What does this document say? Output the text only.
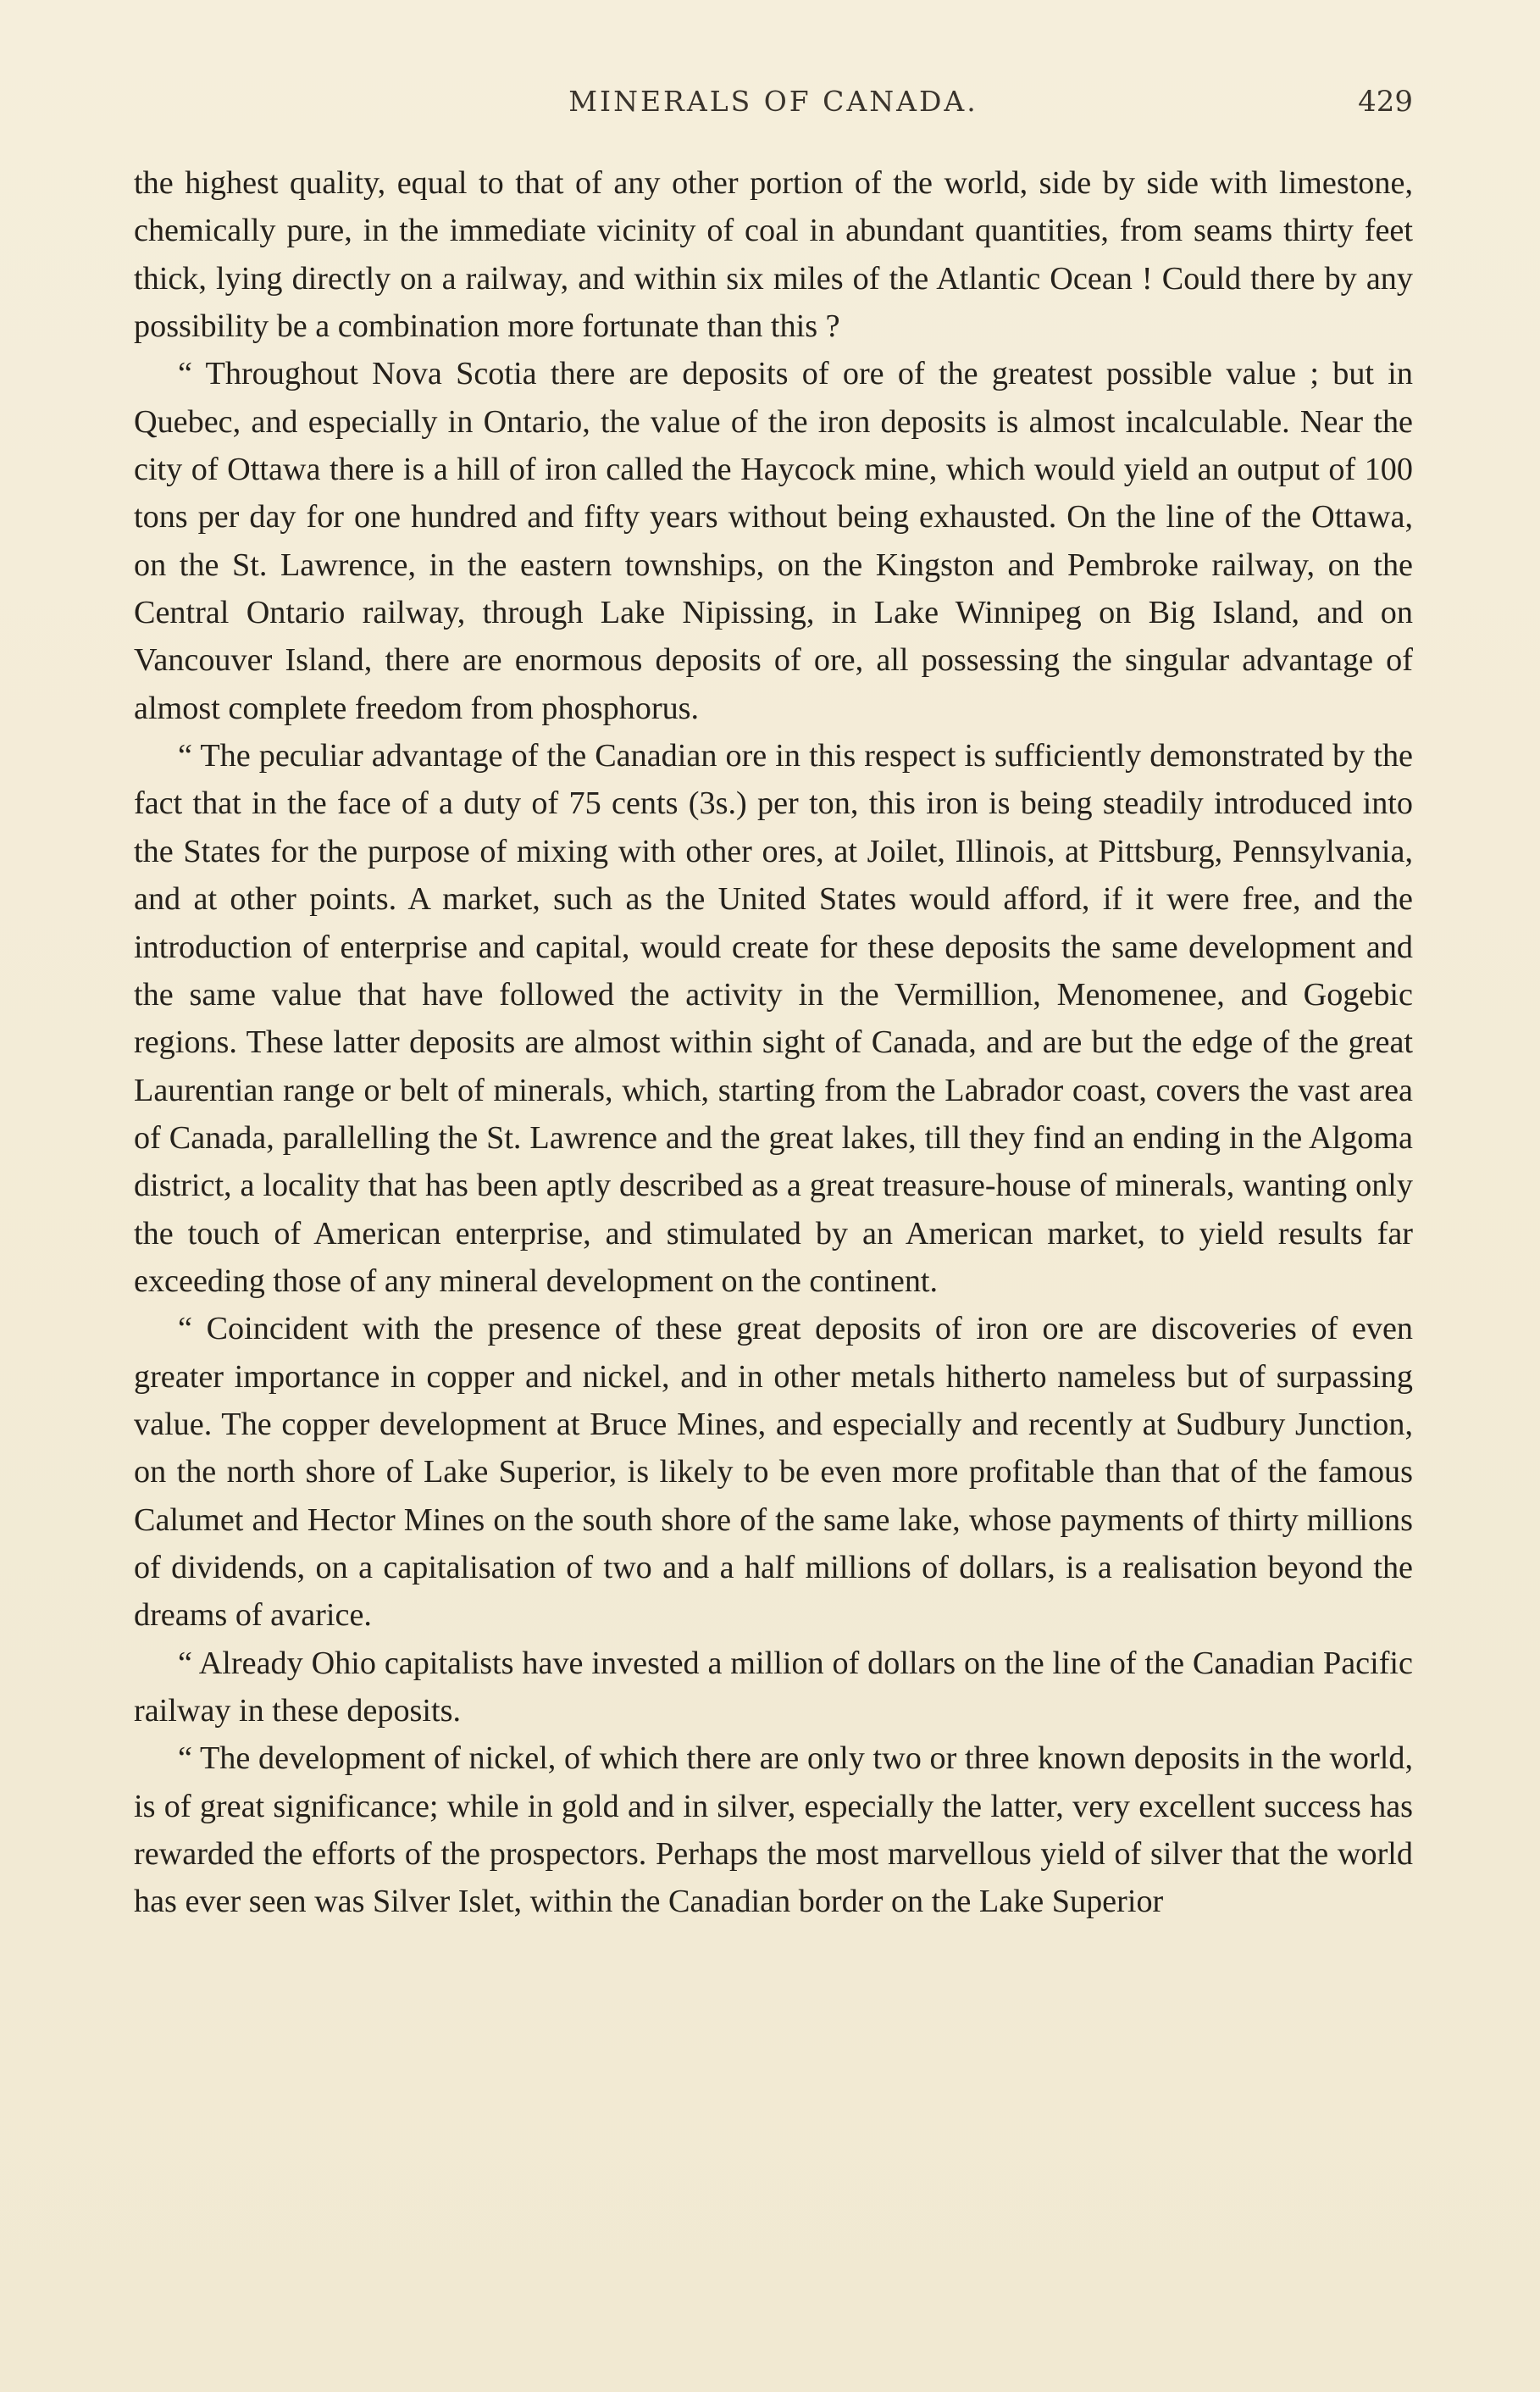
MINERALS OF CANADA.	429

the highest quality, equal to that of any other portion of the world, side by side with limestone, chemically pure, in the immediate vicinity of coal in abundant quantities, from seams thirty feet thick, lying directly on a railway, and within six miles of the Atlantic Ocean ! Could there by any possibility be a combination more fortunate than this ?

“ Throughout Nova Scotia there are deposits of ore of the greatest possible value ; but in Quebec, and especially in Ontario, the value of the iron deposits is almost incalculable. Near the city of Ottawa there is a hill of iron called the Haycock mine, which would yield an output of 100 tons per day for one hundred and fifty years without being exhausted. On the line of the Ottawa, on the St. Lawrence, in the eastern townships, on the Kingston and Pembroke railway, on the Central Ontario railway, through Lake Nipissing, in Lake Winnipeg on Big Island, and on Vancouver Island, there are enormous deposits of ore, all possessing the singular advantage of almost complete freedom from phosphorus.

“ The peculiar advantage of the Canadian ore in this respect is sufficiently demonstrated by the fact that in the face of a duty of 75 cents (3s.) per ton, this iron is being steadily introduced into the States for the purpose of mixing with other ores, at Joilet, Illinois, at Pittsburg, Pennsylvania, and at other points. A market, such as the United States would afford, if it were free, and the introduction of enterprise and capital, would create for these deposits the same development and the same value that have followed the activity in the Vermillion, Menomenee, and Gogebic regions. These latter deposits are almost within sight of Canada, and are but the edge of the great Laurentian range or belt of minerals, which, starting from the Labrador coast, covers the vast area of Canada, parallelling the St. Lawrence and the great lakes, till they find an ending in the Algoma district, a locality that has been aptly described as a great treasure-house of minerals, wanting only the touch of American enterprise, and stimulated by an American market, to yield results far exceeding those of any mineral development on the continent.

“ Coincident with the presence of these great deposits of iron ore are discoveries of even greater importance in copper and nickel, and in other metals hitherto nameless but of surpassing value. The copper development at Bruce Mines, and especially and recently at Sudbury Junction, on the north shore of Lake Superior, is likely to be even more profitable than that of the famous Calumet and Hector Mines on the south shore of the same lake, whose payments of thirty millions of dividends, on a capitalisation of two and a half millions of dollars, is a realisation beyond the dreams of avarice.

“ Already Ohio capitalists have invested a million of dollars on the line of the Canadian Pacific railway in these deposits.

“ The development of nickel, of which there are only two or three known deposits in the world, is of great significance; while in gold and in silver, especially the latter, very excellent success has rewarded the efforts of the prospectors. Perhaps the most marvellous yield of silver that the world has ever seen was Silver Islet, within the Canadian border on the Lake Superior
